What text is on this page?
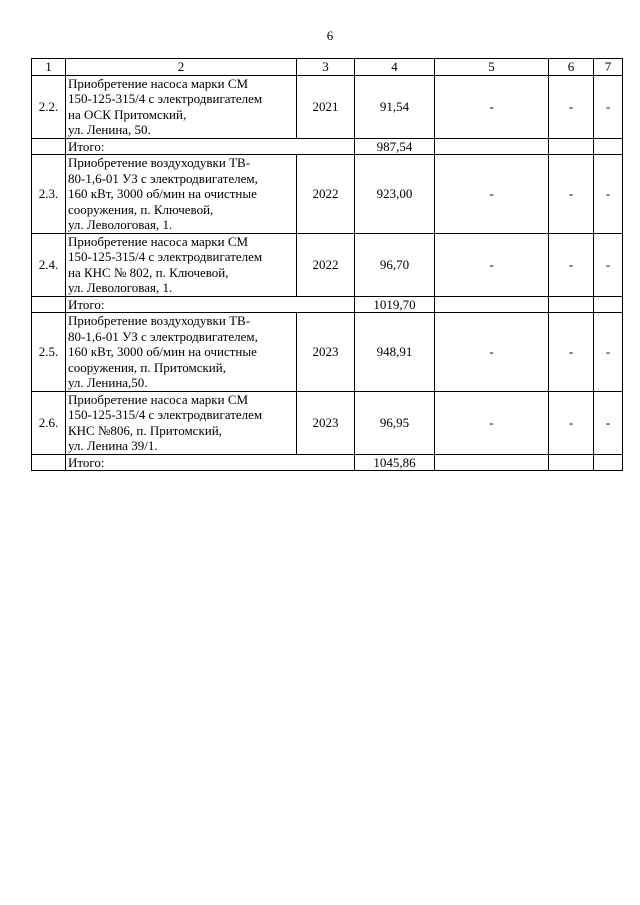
6
1	2	3	4	5	6	7
2.2.	Приобретение насоса марки СМ
150-125-315/4 с электродвигателем
на ОСК Притомский,
ул. Ленина, 50.	2021	91,54	-	-	-
	Итого:		987,54			
2.3.	Приобретение воздуходувки ТВ-
80-1,6-01 УЗ с электродвигателем,
160 кВт, 3000 об/мин на очистные
сооружения, п. Ключевой,
ул. Левологовая, 1.	2022	923,00	-	-	-
2.4.	Приобретение насоса марки СМ
150-125-315/4 с электродвигателем
на КНС № 802, п. Ключевой,
ул. Левологовая, 1.	2022	96,70	-	-	-
	Итого:		1019,70			
2.5.	Приобретение воздуходувки ТВ-
80-1,6-01 УЗ с электродвигателем,
160 кВт, 3000 об/мин на очистные
сооружения, п. Притомский,
ул. Ленина,50.	2023	948,91	-	-	-
2.6.	Приобретение насоса марки СМ
150-125-315/4 с электродвигателем
КНС №806, п. Притомский,
ул. Ленина 39/1.	2023	96,95	-	-	-
	Итого:		1045,86			
